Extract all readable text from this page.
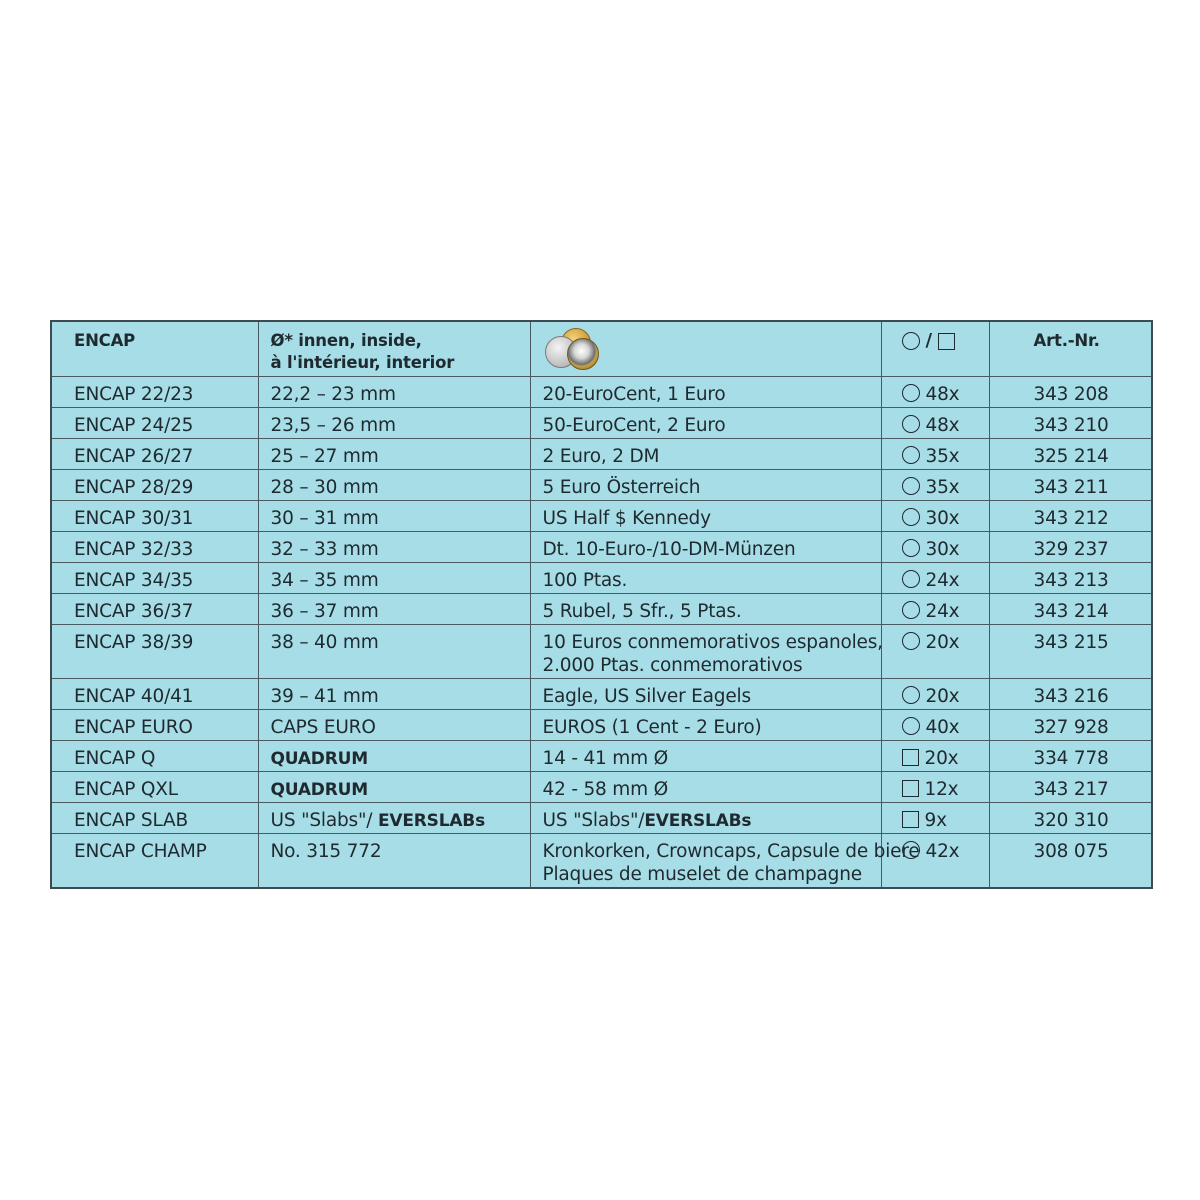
ENCAP	Ø* innen, inside,
à l'intérieur, interior		/	Art.-Nr.
ENCAP 22/23	22,2 – 23 mm	20-EuroCent, 1 Euro	48x	343 208
ENCAP 24/25	23,5 – 26 mm	50-EuroCent, 2 Euro	48x	343 210
ENCAP 26/27	25 – 27 mm	2 Euro, 2 DM	35x	325 214
ENCAP 28/29	28 – 30 mm	5 Euro Österreich	35x	343 211
ENCAP 30/31	30 – 31 mm	US Half $ Kennedy	30x	343 212
ENCAP 32/33	32 – 33 mm	Dt. 10-Euro-/10-DM-Münzen	30x	329 237
ENCAP 34/35	34 – 35 mm	100 Ptas.	24x	343 213
ENCAP 36/37	36 – 37 mm	5 Rubel, 5 Sfr., 5 Ptas.	24x	343 214
ENCAP 38/39	38 – 40 mm	10 Euros conmemorativos espanoles,
2.000 Ptas. conmemorativos	20x	343 215
ENCAP 40/41	39 – 41 mm	Eagle, US Silver Eagels	20x	343 216
ENCAP EURO	CAPS EURO	EUROS (1 Cent - 2 Euro)	40x	327 928
ENCAP Q	QUADRUM	14 - 41 mm Ø	20x	334 778
ENCAP QXL	QUADRUM	42 - 58 mm Ø	12x	343 217
ENCAP SLAB	US "Slabs"/ EVERSLABs	US "Slabs"/EVERSLABs	9x	320 310
ENCAP CHAMP	No. 315 772	Kronkorken, Crowncaps, Capsule de biere
Plaques de muselet de champagne	42x	308 075
